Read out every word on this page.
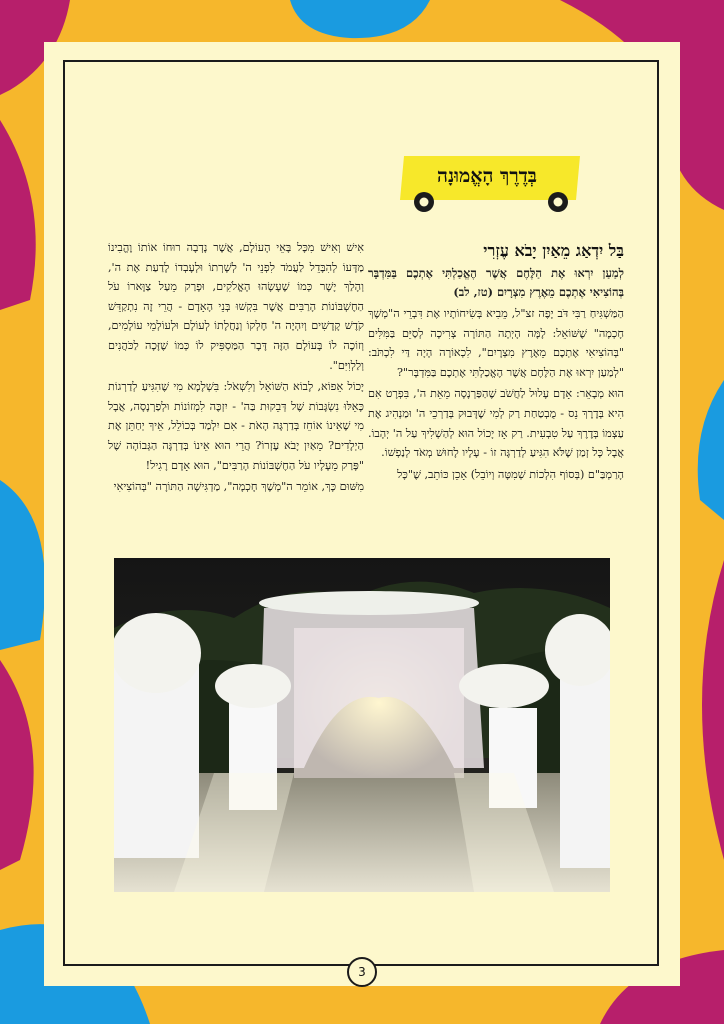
בְּדֶרֶךְ הָאֱמוּנָה

בַּל יִדְאַג מֵאַיִן יָבֹא עֶזְרִי

לְמַעַן יִרְאוּ אֶת הַלֶּחֶם אֲשֶׁר הֶאֱכַלְתִּי אֶתְכֶם בַּמִּדְבָּר בְּהוֹצִיאִי אֶתְכֶם מֵאֶרֶץ מִצְרָיִם (טז, לב)

הַמַּשְׁגִּיחַ רַבִּי דֹּב יָפֶה זצ"ל, מֵבִיא בְּשִׂיחוֹתָיו אֶת דִּבְרֵי ה"מְשֶׁךְ חָכְמָה" שֶׁשּׁוֹאֵל: לָמָּה הָיְתָה הַתּוֹרָה צְרִיכָה לְסַיֵּם בַּמִּלִּים "בְּהוֹצִיאִי אֶתְכֶם מֵאֶרֶץ מִצְרָיִם", לִכְאוֹרָה הָיָה דַּי לִכְתֹּב: "לְמַעַן יִרְאוּ אֶת הַלֶּחֶם אֲשֶׁר הֶאֱכַלְתִּי אֶתְכֶם בַּמִּדְבָּר"?

הוּא מְבָאֵר: אָדָם עָלוּל לַחֲשֹׁב שֶׁהַפַּרְנָסָה מֵאֵת ה', בִּפְרָט אִם הִיא בְּדֶרֶךְ נֵס - מֻבְטַחַת רַק לְמִי שֶׁדָּבוּק בְּדַרְכֵי ה' וּמַנְהִיג אֶת עַצְמוֹ בְּדֶרֶךְ עַל טִבְעִית. רַק אָז יָכוֹל הוּא לְהַשְׁלִיךְ עַל ה' יְהָבוֹ. אֲבָל כָּל זְמַן שֶׁלֹּא הִגִּיעַ לְדַרְגָּה זוֹ - עָלָיו לָחוּשׁ מְאֹד לְנַפְשׁוֹ.

הָרַמְבַּ"ם (בְּסוֹף הִלְכוֹת שְׁמִטָּה וְיוֹבֵל) אָכֵן כּוֹתֵב, שֶׁ"כָּל

אִישׁ וְאִישׁ מִכָּל בָּאֵי הָעוֹלָם, אֲשֶׁר נָדְבָה רוּחוֹ אוֹתוֹ וֶהֱבִינוֹ מַדָּעוֹ לְהִבָּדֵל לַעֲמֹד לִפְנֵי ה' לְשָׁרְתוֹ וּלְעָבְדוֹ לָדַעַת אֶת ה', וְהָלַךְ יָשָׁר כְּמוֹ שֶׁעָשָׂהוּ הָאֱלֹקִים, וּפָרַק מֵעַל צַוָּארוֹ עֹל הַחֶשְׁבּוֹנוֹת הָרַבִּים אֲשֶׁר בִּקְשׁוּ בְּנֵי הָאָדָם - הֲרֵי זֶה נִתְקַדֵּשׁ קֹדֶשׁ קָדָשִׁים וְיִהְיֶה ה' חֶלְקוֹ וְנַחֲלָתוֹ לְעוֹלָם וּלְעוֹלְמֵי עוֹלָמִים, וְזוֹכֶה לוֹ בָּעוֹלָם הַזֶּה דָּבָר הַמַּסְפִּיק לוֹ כְּמוֹ שֶׁזָּכָה לַכֹּהֲנִים וְלַלְוִיִּם".

יָכוֹל אֵפוֹא, לָבוֹא הַשּׁוֹאֵל וְלִשְׁאֹל: בִּשְׁלָמָא מִי שֶׁהִגִּיעַ לְדַרְגוֹת כָּאֵלּוּ נִשְׂגָּבוֹת שֶׁל דְּבֵקוּת בַּה' - יִזְכֶּה לִמְזוֹנוֹת וּלְפַרְנָסָה, אֲבָל מִי שֶׁאֵינוֹ אוֹחֵז בְּדַרְגָּה הָאֹת - אִם יִלְמַד בְּכוֹלֵל, אֵיךְ יְחַתֵּן אֶת הַיְלָדִים? מֵאַיִן יָבֹא עֶזְרוֹ? הֲרֵי הוּא אֵינוֹ בְּדַרְגָּה הַגְּבוֹהָה שֶׁל "פָּרַק מֵעָלָיו עֹל הַחֶשְׁבּוֹנוֹת הָרַבִּים", הוּא אָדָם רָגִיל!

מִשּׁוּם כָּךְ, אוֹמֵר ה"מְשֶׁךְ חָכְמָה", מַדְגִּישָׁה הַתּוֹרָה "בְּהוֹצִיאִי

3
